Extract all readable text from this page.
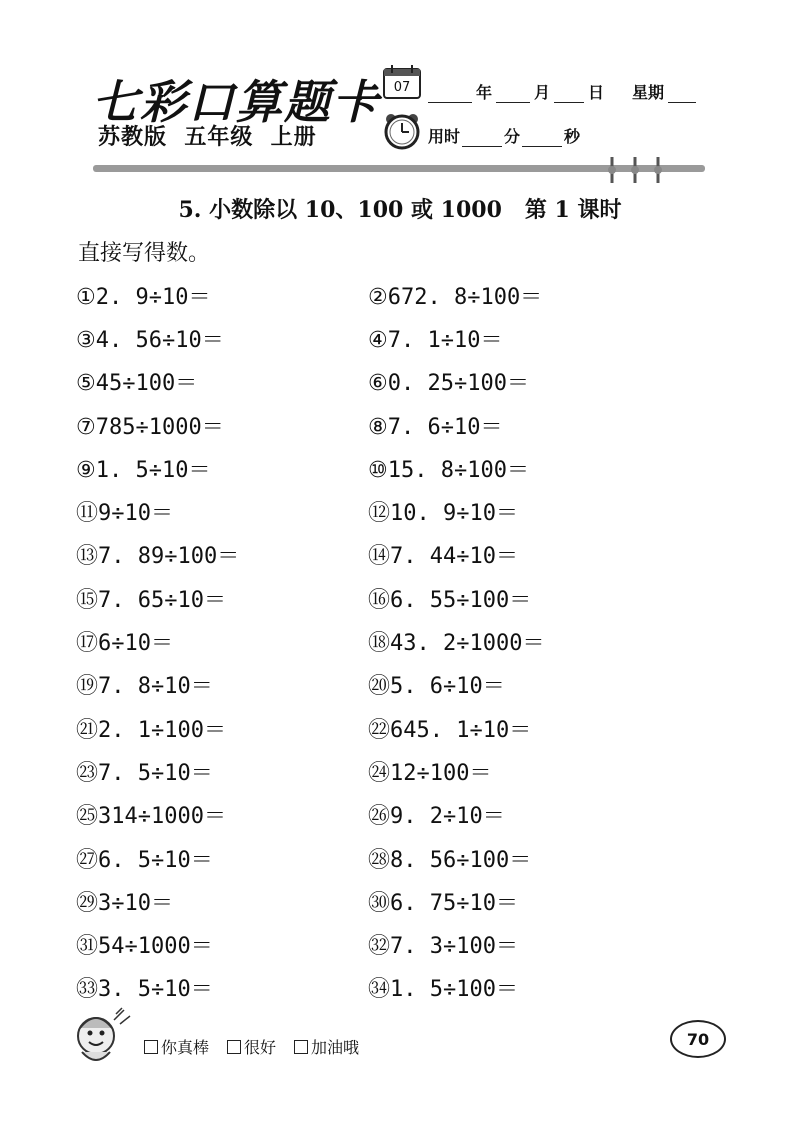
七彩口算题卡
苏教版  五年级  上册
07	年	月 日 星期
用时	分	秒
5. 小数除以 10、100 或 1000   第 1 课时
直接写得数。
① 2. 9÷10＝	② 672. 8÷100＝
③ 4. 56÷10＝	④ 7. 1÷10＝
⑤ 45÷100＝	⑥ 0. 25÷100＝
⑦ 785÷1000＝	⑧ 7. 6÷10＝
⑨ 1. 5÷10＝	⑩ 15. 8÷100＝
⑪ 9÷10＝	⑫ 10. 9÷10＝
⑬ 7. 89÷100＝	⑭ 7. 44÷10＝
⑮ 7. 65÷10＝	⑯ 6. 55÷100＝
⑰ 6÷10＝	⑱ 43. 2÷1000＝
⑲ 7. 8÷10＝	⑳ 5. 6÷10＝
㉑ 2. 1÷100＝	㉒ 645. 1÷10＝
㉓ 7. 5÷10＝	㉔ 12÷100＝
㉕ 314÷1000＝	㉖ 9. 2÷10＝
㉗ 6. 5÷10＝	㉘ 8. 56÷100＝
㉙ 3÷10＝	㉚ 6. 75÷10＝
㉛ 54÷1000＝	㉜ 7. 3÷100＝
㉝ 3. 5÷10＝	㉞ 1. 5÷100＝
你真棒 很好 加油哦	70
